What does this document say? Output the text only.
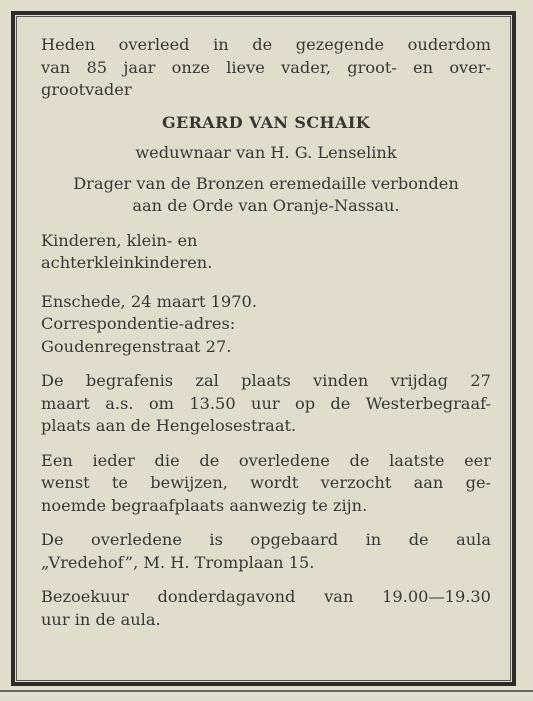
Heden overleed in de gezegende ouderdom
van 85 jaar onze lieve vader, groot- en over-
grootvader

GERARD VAN SCHAIK

weduwnaar van H. G. Lenselink

Drager van de Bronzen eremedaille verbonden
aan de Orde van Oranje-Nassau.

Kinderen, klein- en
achterkleinkinderen.

Enschede, 24 maart 1970.
Correspondentie-adres:
Goudenregenstraat 27.

De begrafenis zal plaats vinden vrijdag 27
maart a.s. om 13.50 uur op de Westerbegraaf-
plaats aan de Hengelosestraat.

Een ieder die de overledene de laatste eer
wenst te bewijzen, wordt verzocht aan ge-
noemde begraafplaats aanwezig te zijn.

De overledene is opgebaard in de aula
„Vredehof”, M. H. Tromplaan 15.

Bezoekuur donderdagavond van 19.00—19.30
uur in de aula.
